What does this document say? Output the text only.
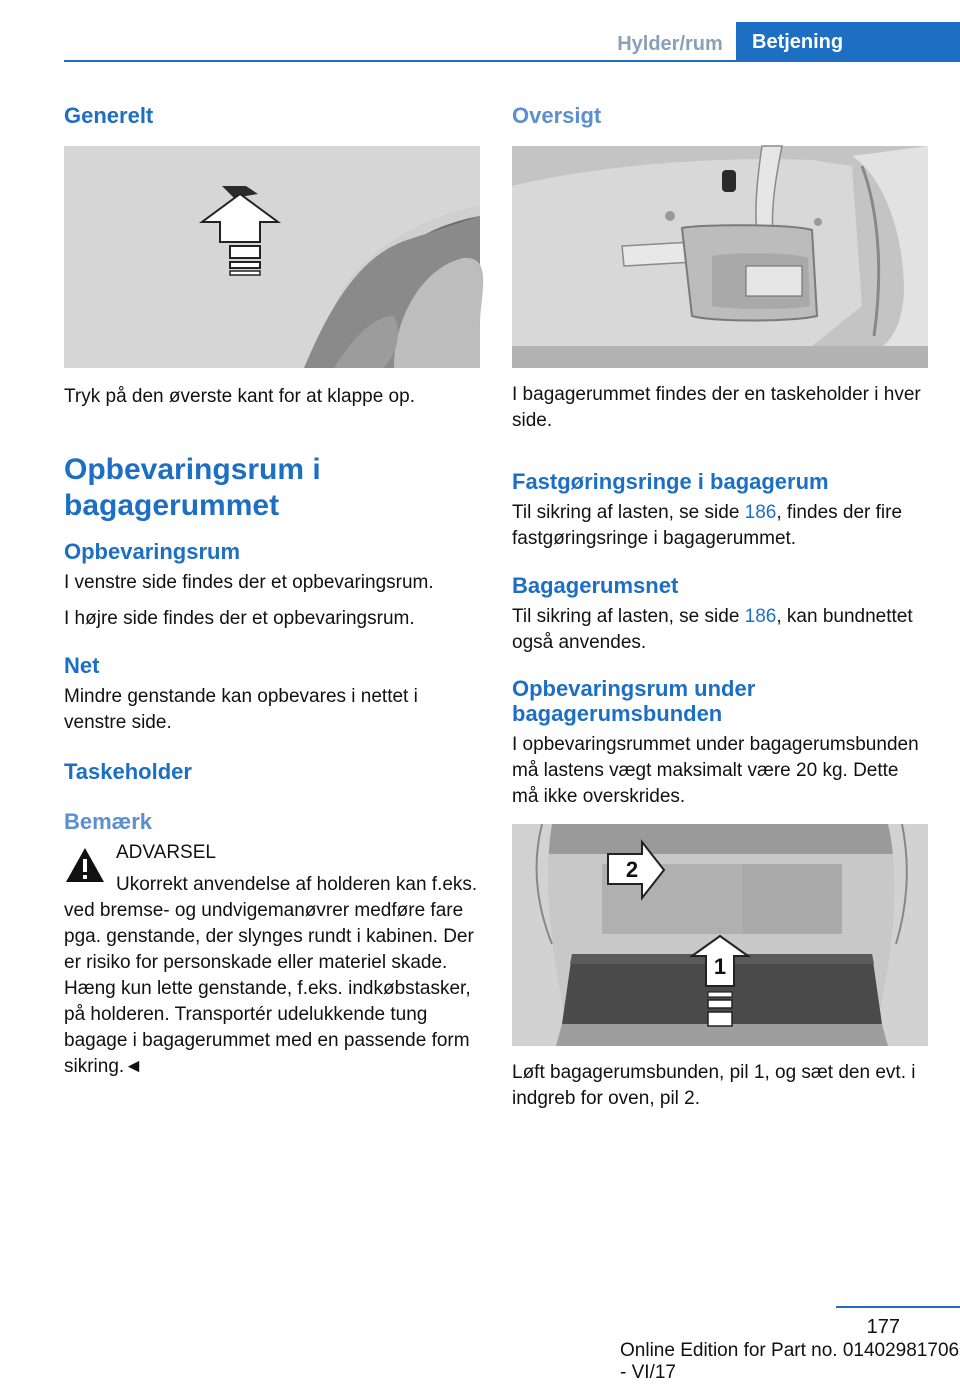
Hylder/rum	Betjening
Generelt

Tryk på den øverste kant for at klappe op.

Opbevaringsrum i bagagerummet
Opbevaringsrum

I venstre side findes der et opbevaringsrum.

I højre side findes der et opbevaringsrum.

Net

Mindre genstande kan opbevares i nettet i venstre side.

Taskeholder
Bemærk
ADVARSEL

Ukorrekt anvendelse af holderen kan f.eks. ved bremse- og undvigemanøvrer medføre fare pga. genstande, der slynges rundt i kabinen. Der er risiko for personskade eller materiel skade. Hæng kun lette genstande, f.eks. indkøbstasker, på holderen. Transportér udelukkende tung bagage i bagagerummet med en passende form sikring.◄

Oversigt

I bagagerummet findes der en taskeholder i hver side.

Fastgøringsringe i bagagerum

Til sikring af lasten, se side 186, findes der fire fastgøringsringe i bagagerummet.

Bagagerumsnet

Til sikring af lasten, se side 186, kan bundnettet også anvendes.

Opbevaringsrum under bagagerumsbunden

I opbevaringsrummet under bagagerumsbunden må lastens vægt maksimalt være 20 kg. Dette må ikke overskrides.

1
2

Løft bagagerumsbunden, pil 1, og sæt den evt. i indgreb for oven, pil 2.

177
Online Edition for Part no. 01402981706 - VI/17
